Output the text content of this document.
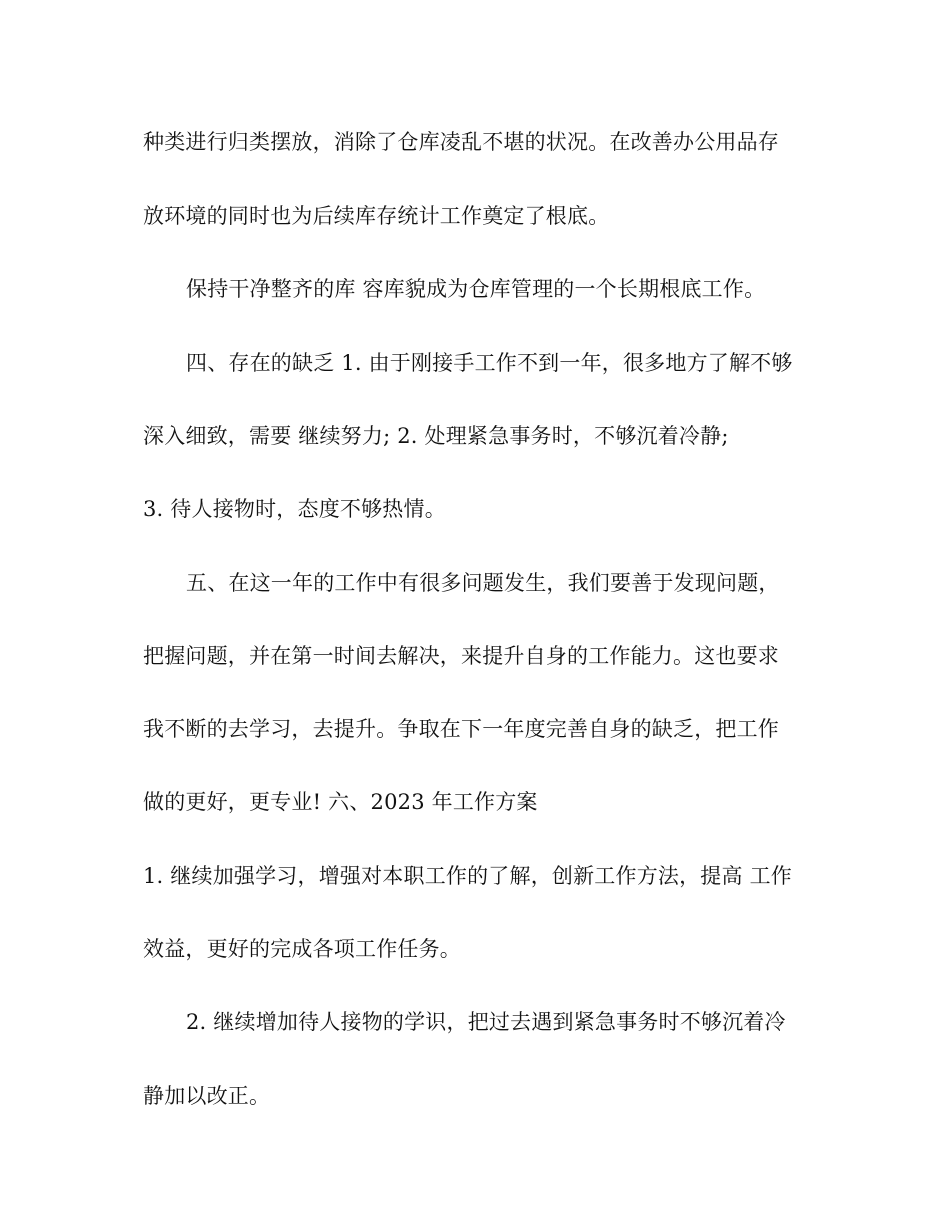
种类进行归类摆放，消除了仓库凌乱不堪的状况。在改善办公用品存
放环境的同时也为后续库存统计工作奠定了根底。
保持干净整齐的库 容库貌成为仓库管理的一个长期根底工作。
四、存在的缺乏 1. 由于刚接手工作不到一年，很多地方了解不够
深入细致，需要 继续努力; 2. 处理紧急事务时，不够沉着冷静;
3. 待人接物时，态度不够热情。
五、在这一年的工作中有很多问题发生，我们要善于发现问题，
把握问题，并在第一时间去解决，来提升自身的工作能力。这也要求
我不断的去学习，去提升。争取在下一年度完善自身的缺乏，把工作
做的更好，更专业! 六、2023 年工作方案
1. 继续加强学习，增强对本职工作的了解，创新工作方法，提高 工作
效益，更好的完成各项工作任务。
2. 继续增加待人接物的学识，把过去遇到紧急事务时不够沉着冷
静加以改正。
